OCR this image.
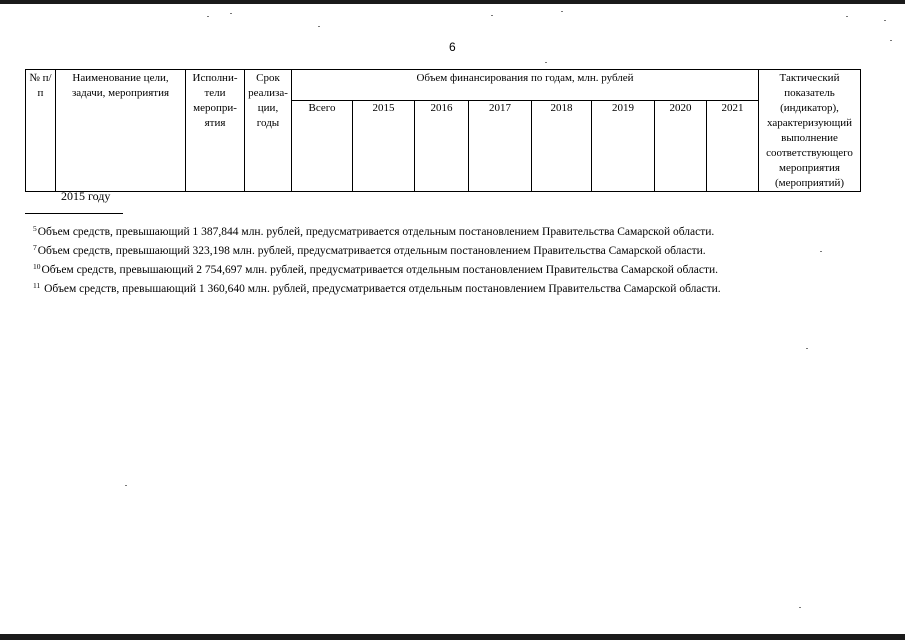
6
№ п/п	Наименование цели, задачи, мероприятия	Исполни-тели меропри-ятия	Срок реализа-ции, годы	Объем финансирования по годам, млн. рублей								Тактический показатель (индикатор), характеризующий выполнение соответствующего мероприятия (мероприятий)
				Всего	2015	2016	2017	2018	2019	2020	2021	
2015 году
$^5$Объем средств, превышающий 1 387,844 млн. рублей, предусматривается отдельным постановлением Правительства Самарской области.
$^7$Объем средств, превышающий 323,198 млн. рублей, предусматривается отдельным постановлением Правительства Самарской области.
$^{10}$Объем средств, превышающий 2 754,697 млн. рублей, предусматривается отдельным постановлением Правительства Самарской области.
$^{11}$ Объем средств, превышающий 1 360,640 млн. рублей, предусматривается отдельным постановлением Правительства Самарской области.
